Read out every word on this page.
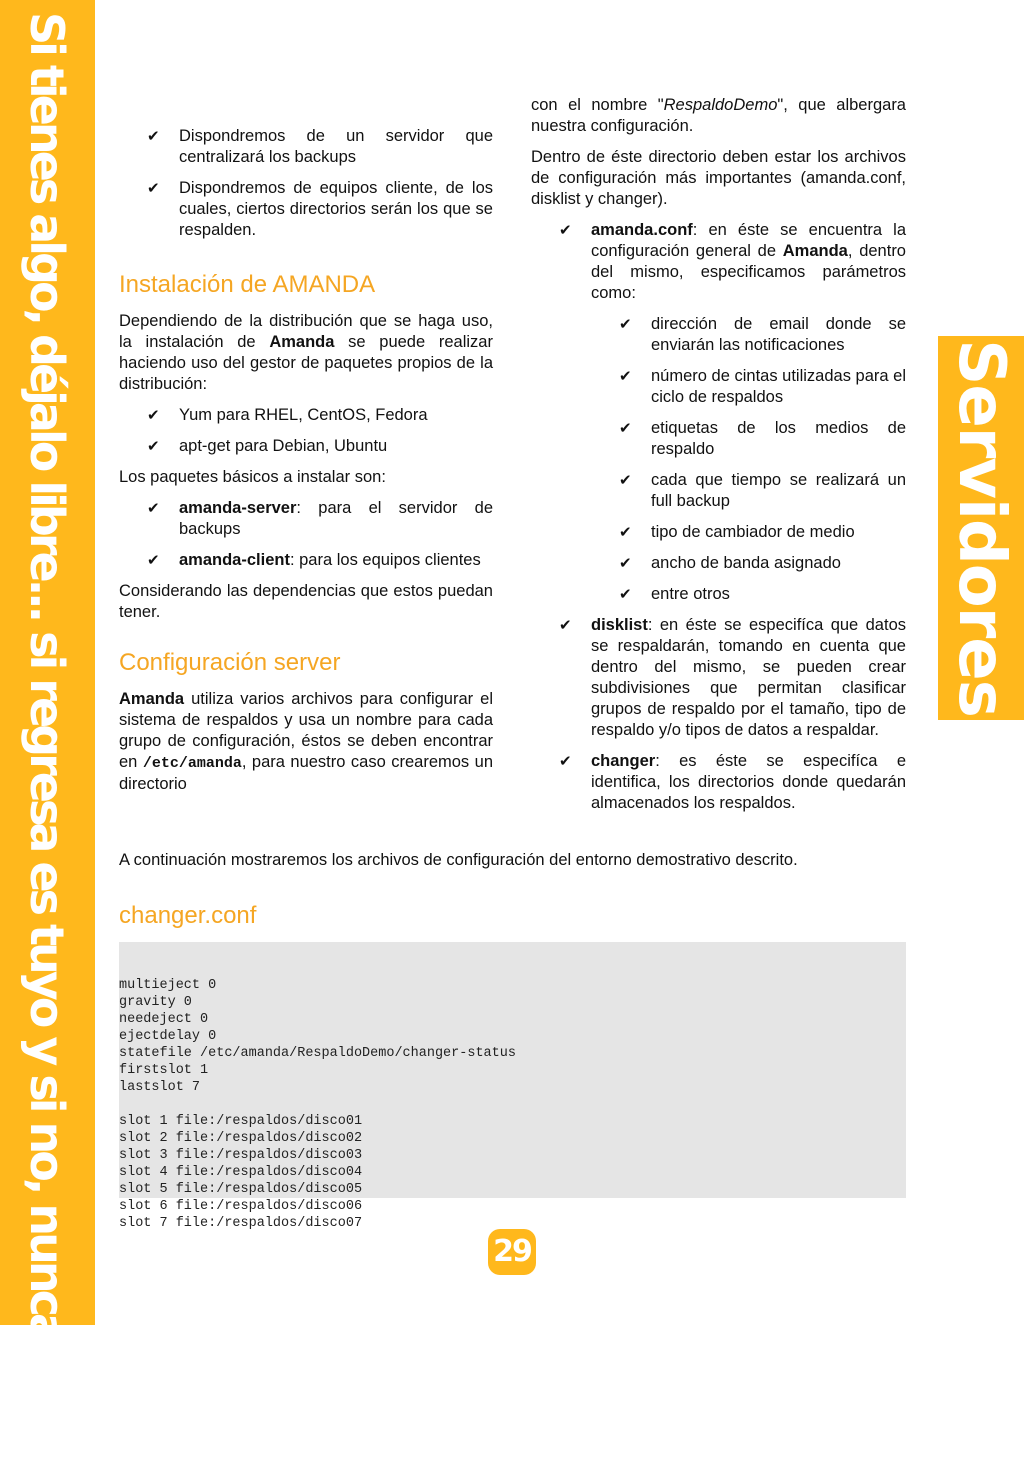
Si tienes algo, déjalo libre... si regresa es tuyo y si no, nunca lo fué	Servidores
✔ Dispondremos de un servidor que centralizará los backups
✔ Dispondremos de equipos cliente, de los cuales, ciertos directorios serán los que se respalden.
Instalación de AMANDA

Dependiendo de la distribución que se haga uso, la instalación de Amanda se puede realizar haciendo uso del gestor de paquetes propios de la distribución:

✔ Yum para RHEL, CentOS, Fedora
✔ apt-get para Debian, Ubuntu

Los paquetes básicos a instalar son:

✔ amanda-server: para el servidor de backups
✔ amanda-client: para los equipos clientes

Considerando las dependencias que estos puedan tener.

Configuración server

Amanda utiliza varios archivos para configurar el sistema de respaldos y usa un nombre para cada grupo de configuración, éstos se deben encontrar en /etc/amanda, para nuestro caso crearemos un directorio

con el nombre "RespaldoDemo", que albergara nuestra configuración.

Dentro de éste directorio deben estar los archivos de configuración más importantes (amanda.conf, disklist y changer).

✔ amanda.conf: en éste se encuentra la configuración general de Amanda, dentro del mismo, especificamos parámetros como:
✔ dirección de email donde se enviarán las notificaciones
✔ número de cintas utilizadas para el ciclo de respaldos
✔ etiquetas de los medios de respaldo
✔ cada que tiempo se realizará un full backup
✔ tipo de cambiador de medio
✔ ancho de banda asignado
✔ entre otros
✔ disklist: en éste se especifíca que datos se respaldarán, tomando en cuenta que dentro del mismo, se pueden crear subdivisiones que permitan clasificar grupos de respaldo por el tamaño, tipo de respaldo y/o tipos de datos a respaldar.
✔ changer: es éste se especifíca e identifica, los directorios donde quedarán almacenados los respaldos.
A continuación mostraremos los archivos de configuración del entorno demostrativo descrito.
changer.conf

multieject 0
gravity 0
needeject 0
ejectdelay 0
statefile /etc/amanda/RespaldoDemo/changer-status
firstslot 1
lastslot 7
slot 1 file:/respaldos/disco01
slot 2 file:/respaldos/disco02
slot 3 file:/respaldos/disco03
slot 4 file:/respaldos/disco04
slot 5 file:/respaldos/disco05
slot 6 file:/respaldos/disco06
slot 7 file:/respaldos/disco07

29
